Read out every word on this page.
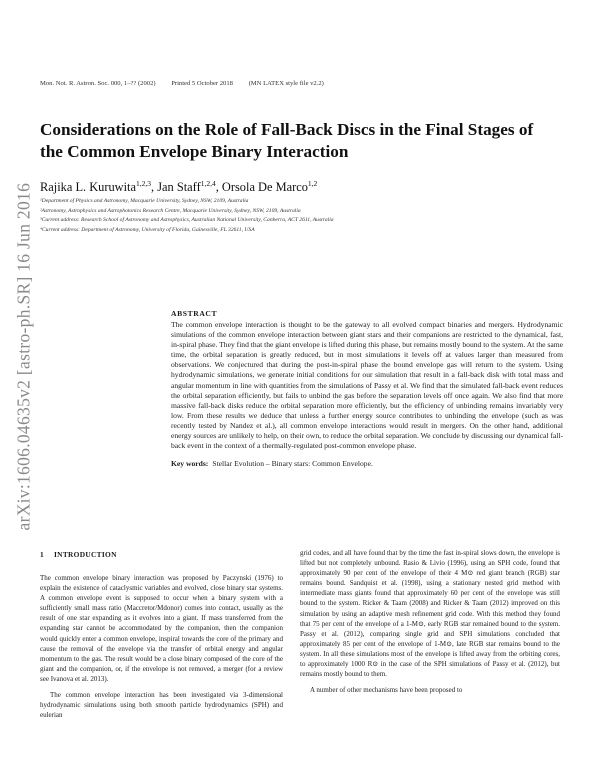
Mon. Not. R. Astron. Soc. 000, 1–?? (2002) Printed 5 October 2018 (MN LATEX style file v2.2)
arXiv:1606.04635v2 [astro-ph.SR] 16 Jun 2016
Considerations on the Role of Fall-Back Discs in the Final Stages of the Common Envelope Binary Interaction
Rajika L. Kuruwita$^{1,2,3}$, Jan Staff$^{1,2,4}$, Orsola De Marco$^{1,2}$
¹Department of Physics and Astronomy, Macquarie University, Sydney, NSW, 2109, Australia
²Astronomy, Astrophysics and Astrophotonics Research Centre, Macquarie University, Sydney, NSW, 2109, Australia
³Current address: Research School of Astronomy and Astrophysics, Australian National University, Canberra, ACT 2611, Australia
⁴Current address: Department of Astronomy, University of Florida, Gainesville, FL 32611, USA
ABSTRACT
The common envelope interaction is thought to be the gateway to all evolved compact binaries and mergers. Hydrodynamic simulations of the common envelope interaction between giant stars and their companions are restricted to the dynamical, fast, in-spiral phase. They find that the giant envelope is lifted during this phase, but remains mostly bound to the system. At the same time, the orbital separation is greatly reduced, but in most simulations it levels off at values larger than measured from observations. We conjectured that during the post-in-spiral phase the bound envelope gas will return to the system. Using hydrodynamic simulations, we generate initial conditions for our simulation that result in a fall-back disk with total mass and angular momentum in line with quantities from the simulations of Passy et al. We find that the simulated fall-back event reduces the orbital separation efficiently, but fails to unbind the gas before the separation levels off once again. We also find that more massive fall-back disks reduce the orbital separation more efficiently, but the efficiency of unbinding remains invariably very low. From these results we deduce that unless a further energy source contributes to unbinding the envelope (such as was recently tested by Nandez et al.), all common envelope interactions would result in mergers. On the other hand, additional energy sources are unlikely to help, on their own, to reduce the orbital separation. We conclude by discussing our dynamical fall-back event in the context of a thermally-regulated post-common envelope phase.
Key words: Stellar Evolution – Binary stars: Common Envelope.
1 INTRODUCTION

The common envelope binary interaction was proposed by Paczynski (1976) to explain the existence of cataclysmic variables and evolved, close binary star systems. A common envelope event is supposed to occur when a binary system with a sufficiently small mass ratio (Maccretor/Mdonor) comes into contact, usually as the result of one star expanding as it evolves into a giant. If mass transferred from the expanding star cannot be accommodated by the companion, then the companion would quickly enter a common envelope, inspiral towards the core of the primary and cause the removal of the envelope via the transfer of orbital energy and angular momentum to the gas. The result would be a close binary composed of the core of the giant and the companion, or, if the envelope is not removed, a merger (for a review see Ivanova et al. 2013).

The common envelope interaction has been investigated via 3-dimensional hydrodynamic simulations using both smooth particle hydrodynamics (SPH) and eulerian

grid codes, and all have found that by the time the fast in-spiral slows down, the envelope is lifted but not completely unbound. Rasio & Livio (1996), using an SPH code, found that approximately 90 per cent of the envelope of their 4 M⊙ red giant branch (RGB) star remains bound. Sandquist et al. (1998), using a stationary nested grid method with intermediate mass giants found that approximately 60 per cent of the envelope was still bound to the system. Ricker & Taam (2008) and Ricker & Taam (2012) improved on this simulation by using an adaptive mesh refinement grid code. With this method they found that 75 per cent of the envelope of a 1-M⊙, early RGB star remained bound to the system. Passy et al. (2012), comparing single grid and SPH simulations concluded that approximately 85 per cent of the envelope of 1-M⊙, late RGB star remains bound to the system. In all these simulations most of the envelope is lifted away from the orbiting cores, to approximately 1000 R⊙ in the case of the SPH simulations of Passy et al. (2012), but remains mostly bound to them.

A number of other mechanisms have been proposed to
